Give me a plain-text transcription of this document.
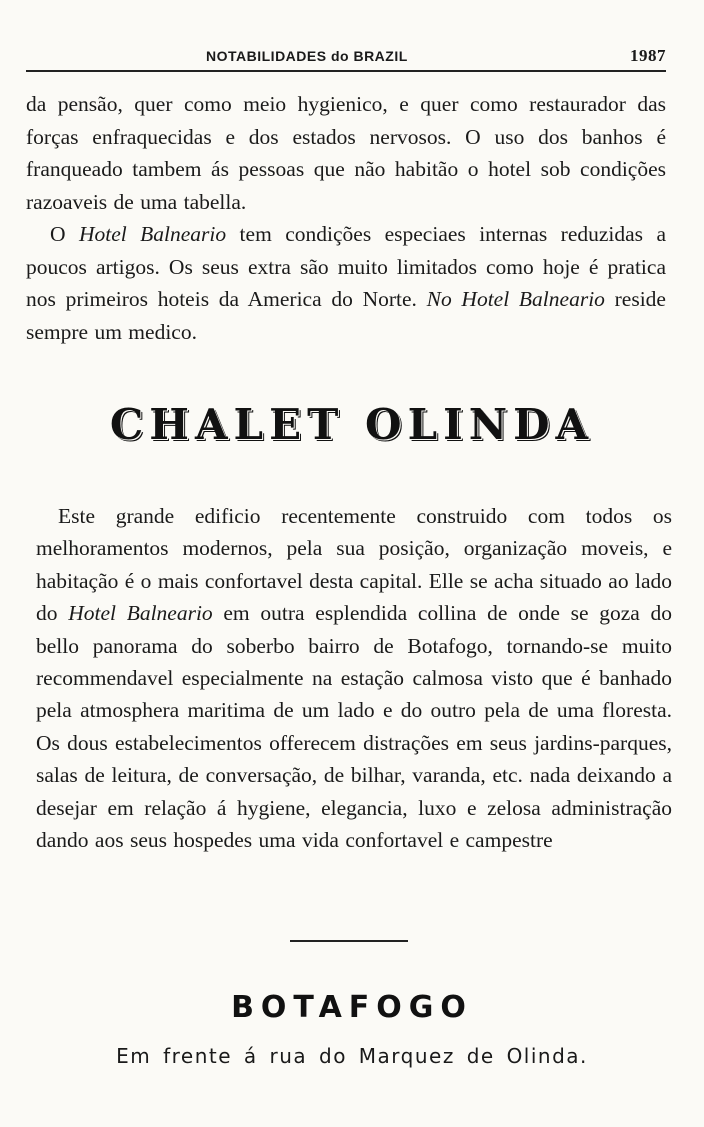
NOTABILIDADES do BRAZIL	1987

da pensão, quer como meio hygienico, e quer como restaurador das forças enfraquecidas e dos estados nervosos. O uso dos banhos é franqueado tambem ás pessoas que não habitão o hotel sob condições razoaveis de uma tabella.

O Hotel Balneario tem condições especiaes internas reduzidas a poucos artigos. Os seus extra são muito limitados como hoje é pratica nos primeiros hoteis da America do Norte. No Hotel Balneario reside sempre um medico.

CHALET OLINDA

Este grande edificio recentemente construido com todos os melhoramentos modernos, pela sua posição, organização moveis, e habitação é o mais confortavel desta capital. Elle se acha situado ao lado do Hotel Balneario em outra esplendida collina de onde se goza do bello panorama do soberbo bairro de Botafogo, tornando-se muito recommendavel especialmente na estação calmosa visto que é banhado pela atmosphera maritima de um lado e do outro pela de uma floresta. Os dous estabelecimentos offerecem distrações em seus jardins-parques, salas de leitura, de conversação, de bilhar, varanda, etc. nada deixando a desejar em relação á hygiene, elegancia, luxo e zelosa administração dando aos seus hospedes uma vida confortavel e campestre

BOTAFOGO
Em frente á rua do Marquez de Olinda.
